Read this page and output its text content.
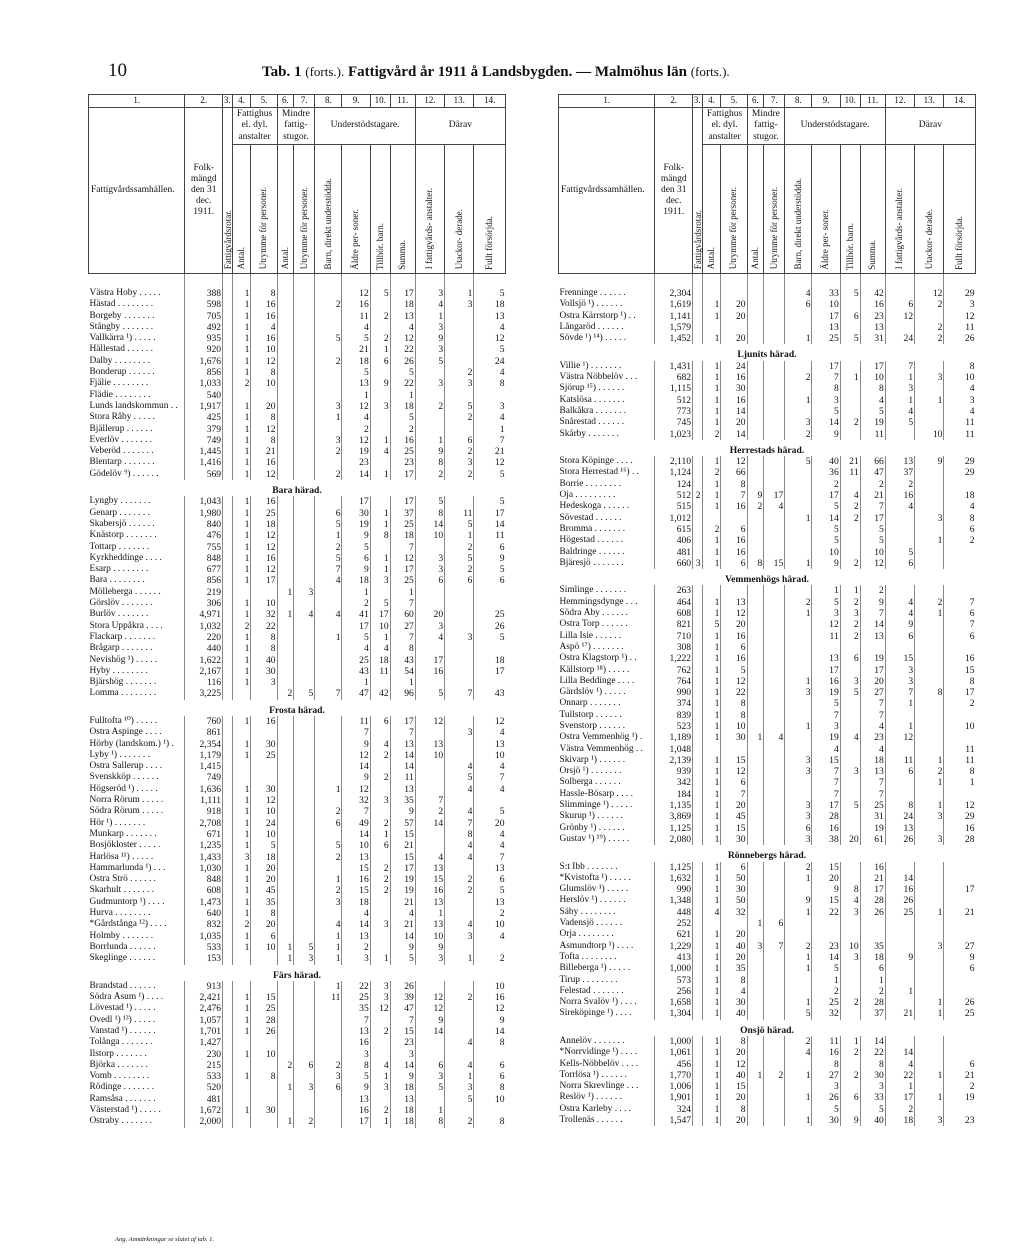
10	Tab. 1 (forts.). Fattigvård år 1911 å Landsbygden. — Malmöhus län (forts.).
1.	2.	3.	4.	5.	6.	7.	8.	9.	10.	11.	12.	13.	14.
Fattigvårdssamhällen.	Folk- mängd den 31 dec. 1911.	Fattigvårdsrotar.	Fattighus el. dyl. anstalter		Mindre fattig- stugor.		Understödstagare.				Därav		
			Antal.	Utrymme för personer.	Antal.	Utrymme för personer.	Barn, direkt understödda.	Äldre per- soner.	Tillhör. barn.	Summa.	I fattigvårds- anstalter.	Utackor- derade.	Fullt försörjda.
Västra Hoby . . . . .	388		1	8				12	5	17	3	1	5
Hästad . . . . . . . .	598		1	16			2	16		18	4	3	18
Borgeby . . . . . . .	705		1	16				11	2	13	1		13
Stångby . . . . . . .	492		1	4				4		4	3		4
Vallkärra ¹) . . . . .	935		1	16			5	5	2	12	9		12
Hällestad . . . . . .	920		1	10				21	1	22	3		5
Dalby . . . . . . . .	1,676		1	12			2	18	6	26	5		24
Bonderup . . . . . .	856		1	8				5		5		2	4
Fjälie . . . . . . . .	1,033		2	10				13	9	22	3	3	8
Flädie . . . . . . . .	540							1		1			
Lunds landskommun . .	1,917		1	20			3	12	3	18	2	5	3
Stora Råby . . . . .	425		1	8			1	4		5		2	4
Bjällerup . . . . . .	379		1	12				2		2			1
Everlöv . . . . . . .	749		1	8			3	12	1	16	1	6	7
Veberöd . . . . . . .	1,445		1	21			2	19	4	25	9	2	21
Blentarp . . . . . . .	1,416		1	16				23		23	8	3	12
Gödelöv ⁹) . . . . . .	569		1	12			2	14	1	17	2	2	5
Bara härad.													
Lyngby . . . . . . .	1,043		1	16				17		17	5		5
Genarp . . . . . . .	1,980		1	25			6	30	1	37	8	11	17
Skabersjö . . . . . .	840		1	18			5	19	1	25	14	5	14
Knästorp . . . . . . .	476		1	12			1	9	8	18	10	1	11
Tottarp . . . . . . .	755		1	12			2	5		7		2	6
Kyrkheddinge . . . .	848		1	16			5	6	1	12	3	5	9
Esarp . . . . . . . .	677		1	12			7	9	1	17	3	2	5
Bara . . . . . . . .	856		1	17			4	18	3	25	6	6	6
Mölleberga . . . . . .	219				1	3		1		1			
Görslöv . . . . . . .	306		1	10				2	5	7			
Burlöv . . . . . . .	4,971		1	32	1	4	4	41	17	60	20		25
Stora Uppåkra . . . .	1,032		2	22				17	10	27	3		26
Flackarp . . . . . . .	220		1	8			1	5	1	7	4	3	5
Brågarp . . . . . . .	440		1	8				4	4	8			
Nevishög ¹) . . . . .	1,622		1	40				25	18	43	17		18
Hyby . . . . . . . .	2,167		1	30				43	11	54	16		17
Bjärshög . . . . . . .	116		1	3				1		1			
Lomma . . . . . . . .	3,225				2	5	7	47	42	96	5	7	43
Frosta härad.													
Fulltofta ¹⁰) . . . . .	760		1	16				11	6	17	12		12
Östra Aspinge . . . .	861							7		7		3	4
Hörby (landskom.) ¹) .	2,354		1	30				9	4	13	13		13
Lyby ¹) . . . . . . .	1,179		1	25				12	2	14	10		10
Östra Sallerup . . . .	1,415							14		14		4	4
Svenskköp . . . . . .	749							9	2	11		5	7
Högseröd ¹) . . . . .	1,636		1	30			1	12		13		4	4
Norra Rörum . . . . .	1,111		1	12				32	3	35	7		
Södra Rörum . . . . .	918		1	10			2	7		9	2	4	5
Hör ¹) . . . . . . .	2,708		1	24			6	49	2	57	14	7	20
Munkarp . . . . . . .	671		1	10				14	1	15		8	4
Bosjökloster . . . . .	1,235		1	5			5	10	6	21		4	4
Harlösa ¹¹) . . . . .	1,433		3	18			2	13		15	4	4	7
Hammarlunda ¹) . . .	1,030		1	20				15	2	17	13		13
Östra Strö . . . . . .	848		1	20			1	16	2	19	15	2	6
Skarhult . . . . . . .	608		1	45			2	15	2	19	16	2	5
Gudmuntorp ¹) . . . .	1,473		1	35			3	18		21	13		13
Hurva . . . . . . . .	640		1	8				4		4	1		2
*Gårdstånga ¹²) . . . .	832		2	20			4	14	3	21	13	4	10
Holmby . . . . . . .	1,035		1	6			1	13		14	10	3	4
Borrlunda . . . . . .	533		1	10	1	5	1	2		9	9		
Skeglinge . . . . . .	153				1	3	1	3	1	5	3	1	2
Färs härad.													
Brandstad . . . . . .	913						1	22	3	26			10
Södra Åsum ¹) . . . .	2,421		1	15			11	25	3	39	12	2	16
Lövestad ¹) . . . . .	2,476		1	25				35	12	47	12		12
Övedl ¹) ¹³) . . . . .	1,057		1	28				7		7	9		9
Vanstad ¹) . . . . . .	1,701		1	26				13	2	15	14		14
Tolånga . . . . . . .	1,427							16		23		4	8
Ilstorp . . . . . . .	230		1	10				3		3			
Björka . . . . . . .	215				2	6	2	8	4	14	6	4	6
Vomb . . . . . . . .	533		1	8			3	5	1	9	3	1	6
Rödinge . . . . . . .	520				1	3	6	9	3	18	5	3	8
Ramsåsa . . . . . . .	481							13		13		5	10
Västerstad ¹) . . . . .	1,672		1	30				16	2	18	1		
Östraby . . . . . . .	2,000				1	2		17	1	18	8	2	8
1.	2.	3.	4.	5.	6.	7.	8.	9.	10.	11.	12.	13.	14.
Fattigvårdssamhällen.	Folk- mängd den 31 dec. 1911.	Fattigvårdsrotar.	Fattighus el. dyl. anstalter		Mindre fattig- stugor.		Understödstagare.				Därav		
			Antal.	Utrymme för personer.	Antal.	Utrymme för personer.	Barn, direkt understödda.	Äldre per- soner.	Tillhör. barn.	Summa.	I fattigvårds- anstalter.	Utackor- derade.	Fullt försörjda.
Frenninge . . . . . .	2,304						4	33	5	42		12	29
Vollsjö ¹) . . . . . .	1,619		1	20			6	10		16	6	2	3
Östra Kärrstorp ¹) . .	1,141		1	20				17	6	23	12		12
Långaröd . . . . . .	1,579							13		13		2	11
Sövde ¹) ¹⁴) . . . . .	1,452		1	20			1	25	5	31	24	2	26
Ljunits härad.													
Villie ¹) . . . . . . .	1,431		1	24				17		17	7		8
Västra Nöbbelöv . . .	682		1	16			2	7	1	10	1	3	10
Sjörup ¹⁵) . . . . . .	1,115		1	30				8		8	3		4
Katslösa . . . . . . .	512		1	16			1	3		4	1	1	3
Balkåkra . . . . . . .	773		1	14				5		5	4		4
Snårestad . . . . . .	745		1	20			3	14	2	19	5		11
Skårby . . . . . . .	1,023		2	14			2	9		11		10	11
Herrestads härad.													
Stora Köpinge . . . .	2,110		1	12			5	40	21	66	13	9	29
Stora Herrestad ¹⁶) . .	1,124		2	66				36	11	47	37		29
Borrie . . . . . . . .	124		1	8				2		2	2		
Öja . . . . . . . . .	512	2	1	7	9	17		17	4	21	16		18
Hedeskoga . . . . . .	515		1	16	2	4		5	2	7	4		4
Sövestad . . . . . .	1,012						1	14	2	17		3	8
Bromma . . . . . . .	615		2	6				5		5			6
Högestad . . . . . .	406		1	16				5		5		1	2
Baldringe . . . . . .	481		1	16				10		10	5		
Bjäresjö . . . . . . .	660	3	1	6	8	15	1	9	2	12	6		
Vemmenhögs härad.													
Simlinge . . . . . . .	263							1	1	2			
Hemmingsdynge . . .	464		1	13			2	5	2	9	4	2	7
Södra Åby . . . . . .	608		1	12			1	3	3	7	4	1	6
Östra Torp . . . . . .	821		5	20				12	2	14	9		7
Lilla Isie . . . . . .	710		1	16				11	2	13	6		6
Aspö ¹⁷) . . . . . . .	308		1	6									
Östra Klagstorp ¹) . .	1,222		1	16				13	6	19	15		16
Källstorp ¹⁸) . . . . .	762		1	5				17		17	3		15
Lilla Beddinge . . . .	764		1	12			1	16	3	20	3		8
Gärdslöv ¹) . . . . .	990		1	22			3	19	5	27	7	8	17
Önnarp . . . . . . .	374		1	8				5		7	1		2
Tullstorp . . . . . .	839		1	8				7		7			
Svenstorp . . . . . .	523		1	10			1	3		4	1		10
Östra Vemmenhög ¹) .	1,189		1	30	1	4		19	4	23	12		
Västra Vemmenhög . .	1,048							4		4			11
Skivarp ¹) . . . . . .	2,139		1	15			3	15		18	11	1	11
Örsjö ¹) . . . . . . .	939		1	12			3	7	3	13	6	2	8
Solberga . . . . . .	342		1	6				7		7		1	1
Hassle-Bösarp . . . .	184		1	7				7		7			
Slimminge ¹) . . . . .	1,135		1	20			3	17	5	25	8	1	12
Skurup ¹) . . . . . .	3,869		1	45			3	28		31	24	3	29
Grönby ¹) . . . . . .	1,125		1	15			6	16		19	13		16
Gustav ¹) ¹⁹) . . . . .	2,080		1	30			3	38	20	61	26	3	28
Rönnebergs härad.													
S:t Ibb . . . . . . .	1,125		1	6			2	15		16			
*Kvistofta ¹) . . . . .	1,632		1	50			1	20		21	14		
Glumslöv ¹) . . . . .	990		1	30				9	8	17	16		17
Herslöv ¹) . . . . . .	1,348		1	50			9	15	4	28	26		
Säby . . . . . . . .	448		4	32			1	22	3	26	25	1	21
Vadensjö . . . . . .	252				1	6							
Örja . . . . . . . .	621		1	20									
Asmundtorp ¹) . . . .	1,229		1	40	3	7	2	23	10	35		3	27
Tofta . . . . . . . .	413		1	20			1	14	3	18	9		9
Billeberga ¹) . . . . .	1,000		1	35			1	5		6			6
Tirup . . . . . . . .	573		1	8				1		1			
Felestad . . . . . . .	256		1	4				2		2	1		
Norra Svalöv ¹) . . . .	1,658		1	30			1	25	2	28		1	26
Sireköpinge ¹) . . . .	1,304		1	40			5	32		37	21	1	25
Onsjö härad.													
Annelöv . . . . . . .	1,000		1	8			2	11	1	14			
*Norrvidinge ¹) . . . .	1,061		1	20			4	16	2	22	14		
Kells-Nöbbelöv . . . .	456		1	12				8		8	4		6
Torrlösa ¹) . . . . . .	1,770		1	40	1	2	1	27	2	30	22	1	21
Norra Skrevlinge . . .	1,006		1	15				3		3	1		2
Reslöv ¹) . . . . . .	1,901		1	20			1	26	6	33	17	1	19
Östra Karleby . . . .	324		1	8				5		5	2		
Trollenäs . . . . . .	1,547		1	20			1	30	9	40	18	3	23
Ang. Anmärkningar se slutet af tab. 1.
